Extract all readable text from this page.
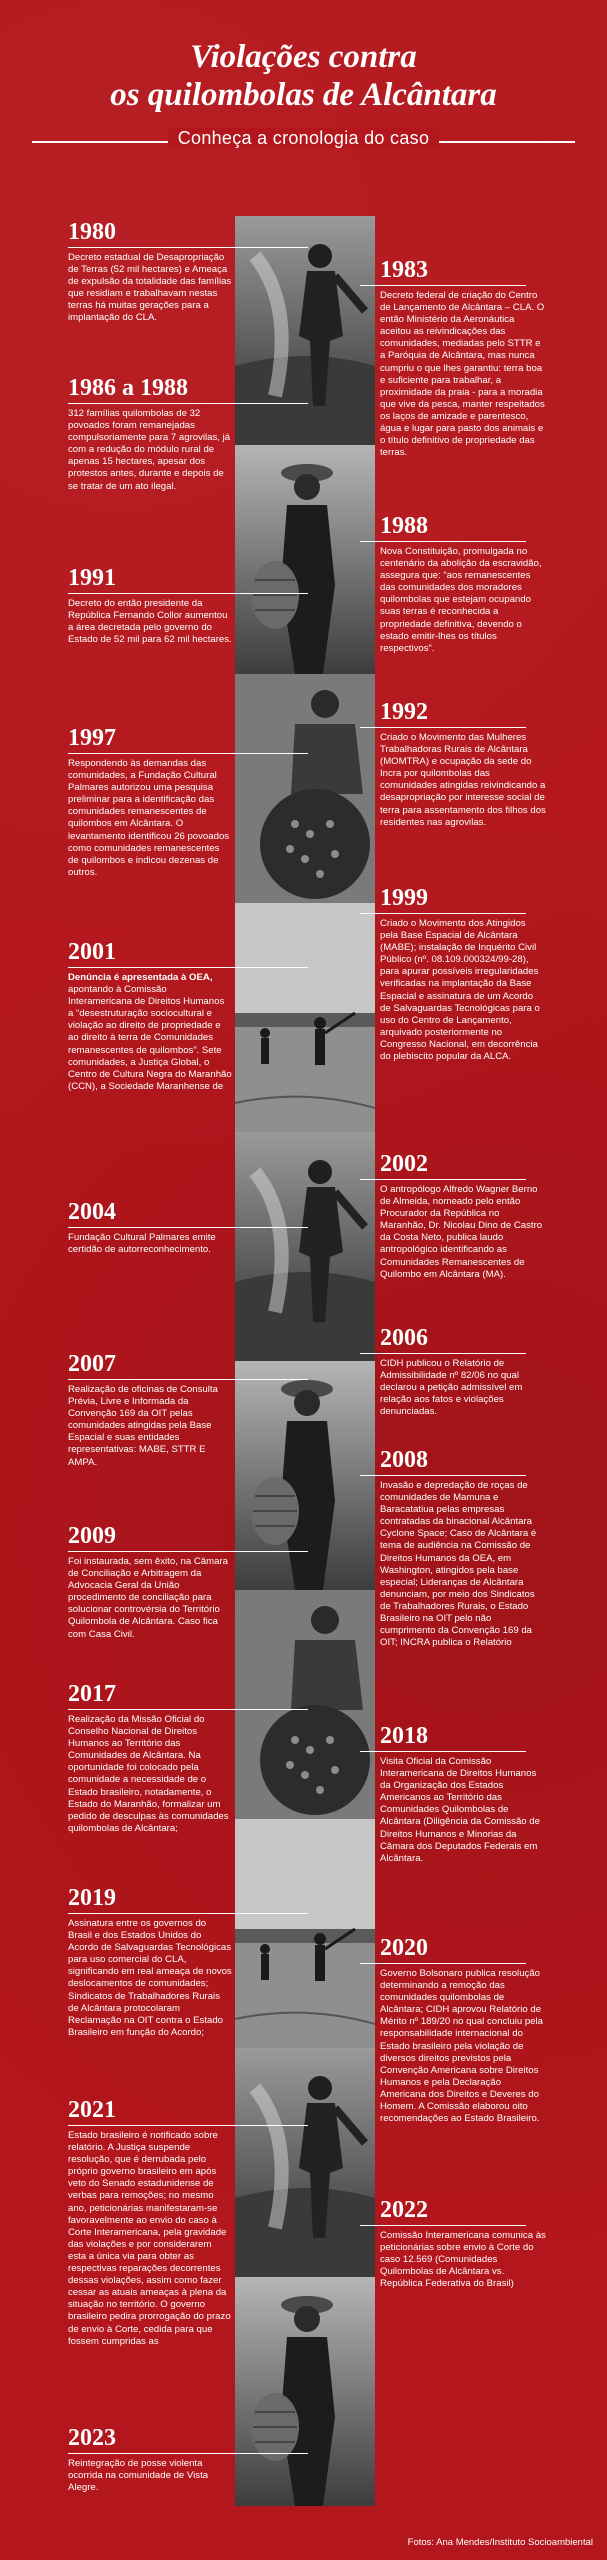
Violações contra
os quilombolas de Alcântara
Conheça a cronologia do caso
1980
Decreto estadual de Desapropriação de Terras (52 mil hectares) e Ameaça de expulsão da totalidade das famílias que residiam e trabalhavam nestas terras há muitas gerações para a implantação do CLA.
1986 a 1988
312 famílias quilombolas de 32 povoados foram remanejadas compulsoriamente para 7 agrovilas, já com a redução do módulo rural de apenas 15 hectares, apesar dos protestos antes, durante e depois de se tratar de um ato ilegal.
1991
Decreto do então presidente da República Fernando Collor aumentou a área decretada pelo governo do Estado de 52 mil para 62 mil hectares.
1997
Respondendo às demandas das comunidades, a Fundação Cultural Palmares autorizou uma pesquisa preliminar para a identificação das comunidades remanescentes de quilombos em Alcântara. O levantamento identificou 26 povoados como comunidades remanescentes de quilombos e indicou dezenas de outros.
2001
Denúncia é apresentada à OEA, apontando à Comissão Interamericana de Direitos Humanos a “desestruturação sociocultural e violação ao direito de propriedade e ao direito à terra de Comunidades remanescentes de quilombos”. Sete comunidades, a Justiça Global, o Centro de Cultura Negra do Maranhão (CCN), a Sociedade Maranhense de
2004
Fundação Cultural Palmares emite certidão de autorreconhecimento.
2007
Realização de oficinas de Consulta Prévia, Livre e Informada da Convenção 169 da OIT pelas comunidades atingidas pela Base Espacial e suas entidades representativas: MABE, STTR E AMPA.
2009
Foi instaurada, sem êxito, na Câmara de Conciliação e Arbitragem da Advocacia Geral da União procedimento de conciliação para solucionar controvérsia do Território Quilombola de Alcântara. Caso fica com Casa Civil.
2017
Realização da Missão Oficial do Conselho Nacional de Direitos Humanos ao Território das Comunidades de Alcântara. Na oportunidade foi colocado pela comunidade a necessidade de o Estado brasileiro, notadamente, o Estado do Maranhão, formalizar um pedido de desculpas às comunidades quilombolas de Alcântara;
2019
Assinatura entre os governos do Brasil e dos Estados Unidos do Acordo de Salvaguardas Tecnológicas para uso comercial do CLA, significando em real ameaça de novos deslocamentos de comunidades; Sindicatos de Trabalhadores Rurais de Alcântara protocolaram Reclamação na OIT contra o Estado Brasileiro em função do Acordo;
2021
Estado brasileiro é notificado sobre relatório. A Justiça suspende resolução, que é derrubada pelo próprio governo brasileiro em após veto do Senado estadunidense de verbas para remoções; no mesmo ano, peticionárias manifestaram-se favoravelmente ao envio do caso à Corte Interamericana, pela gravidade das violações e por considerarem esta a única via para obter as respectivas reparações decorrentes dessas violações, assim como fazer cessar as atuais ameaças à plena da situação no território. O governo brasileiro pedira prorrogação do prazo de envio à Corte, cedida para que fossem cumpridas as
2023
Reintegração de posse violenta ocorrida na comunidade de Vista Alegre.
1983
Decreto federal de criação do Centro de Lançamento de Alcântara – CLA. O então Ministério da Aeronáutica aceitou as reivindicações das comunidades, mediadas pelo STTR e a Paróquia de Alcântara, mas nunca cumpriu o que lhes garantiu: terra boa e suficiente para trabalhar, a proximidade da praia - para a moradia que vive da pesca, manter respeitados os laços de amizade e parentesco, água e lugar para pasto dos animais e o título definitivo de propriedade das terras.
1988
Nova Constituição, promulgada no centenário da abolição da escravidão, assegura que: “aos remanescentes das comunidades dos moradores quilombolas que estejam ocupando suas terras é reconhecida a propriedade definitiva, devendo o estado emitir-lhes os títulos respectivos”.
1992
Criado o Movimento das Mulheres Trabalhadoras Rurais de Alcântara (MOMTRA) e ocupação da sede do Incra por quilombolas das comunidades atingidas reivindicando a desapropriação por interesse social de terra para assentamento dos filhos dos residentes nas agrovilas.
1999
Criado o Movimento dos Atingidos pela Base Espacial de Alcântara (MABE); instalação de Inquérito Civil Público (nº. 08.109.000324/99-28), para apurar possíveis irregularidades verificadas na implantação da Base Espacial e assinatura de um Acordo de Salvaguardas Tecnológicas para o uso do Centro de Lançamento, arquivado posteriormente no Congresso Nacional, em decorrência do plebiscito popular da ALCA.
2002
O antropólogo Alfredo Wagner Berno de Almeida, nomeado pelo então Procurador da República no Maranhão, Dr. Nicolau Dino de Castro da Costa Neto, publica laudo antropológico identificando as Comunidades Remanescentes de Quilombo em Alcântara (MA).
2006
CIDH publicou o Relatório de Admissibilidade nº 82/06 no qual declarou a petição admissível em relação aos fatos e violações denunciadas.
2008
Invasão e depredação de roças de comunidades de Mamuna e Baracatatiua pelas empresas contratadas da binacional Alcântara Cyclone Space; Caso de Alcântara é tema de audiência na Comissão de Direitos Humanos da OEA, em Washington, atingidos pela base especial; Lideranças de Alcântara denunciam, por meio dos Sindicatos de Trabalhadores Rurais, o Estado Brasileiro na OIT pelo não cumprimento da Convenção 169 da OIT; INCRA publica o Relatório
2018
Visita Oficial da Comissão Interamericana de Direitos Humanos da Organização dos Estados Americanos ao Território das Comunidades Quilombolas de Alcântara (Diligência da Comissão de Direitos Humanos e Minorias da Câmara dos Deputados Federais em Alcântara.
2020
Governo Bolsonaro publica resolução determinando a remoção das comunidades quilombolas de Alcântara; CIDH aprovou Relatório de Mérito nº 189/20 no qual concluiu pela responsabilidade internacional do Estado brasileiro pela violação de diversos direitos previstos pela Convenção Americana sobre Direitos Humanos e pela Declaração Americana dos Direitos e Deveres do Homem. A Comissão elaborou oito recomendações ao Estado Brasileiro.
2022
Comissão Interamericana comunica às peticionárias sobre envio à Corte do caso 12.569 (Comunidades Quilombolas de Alcântara vs. República Federativa do Brasil)
Fotos: Ana Mendes/Instituto Socioambiental
